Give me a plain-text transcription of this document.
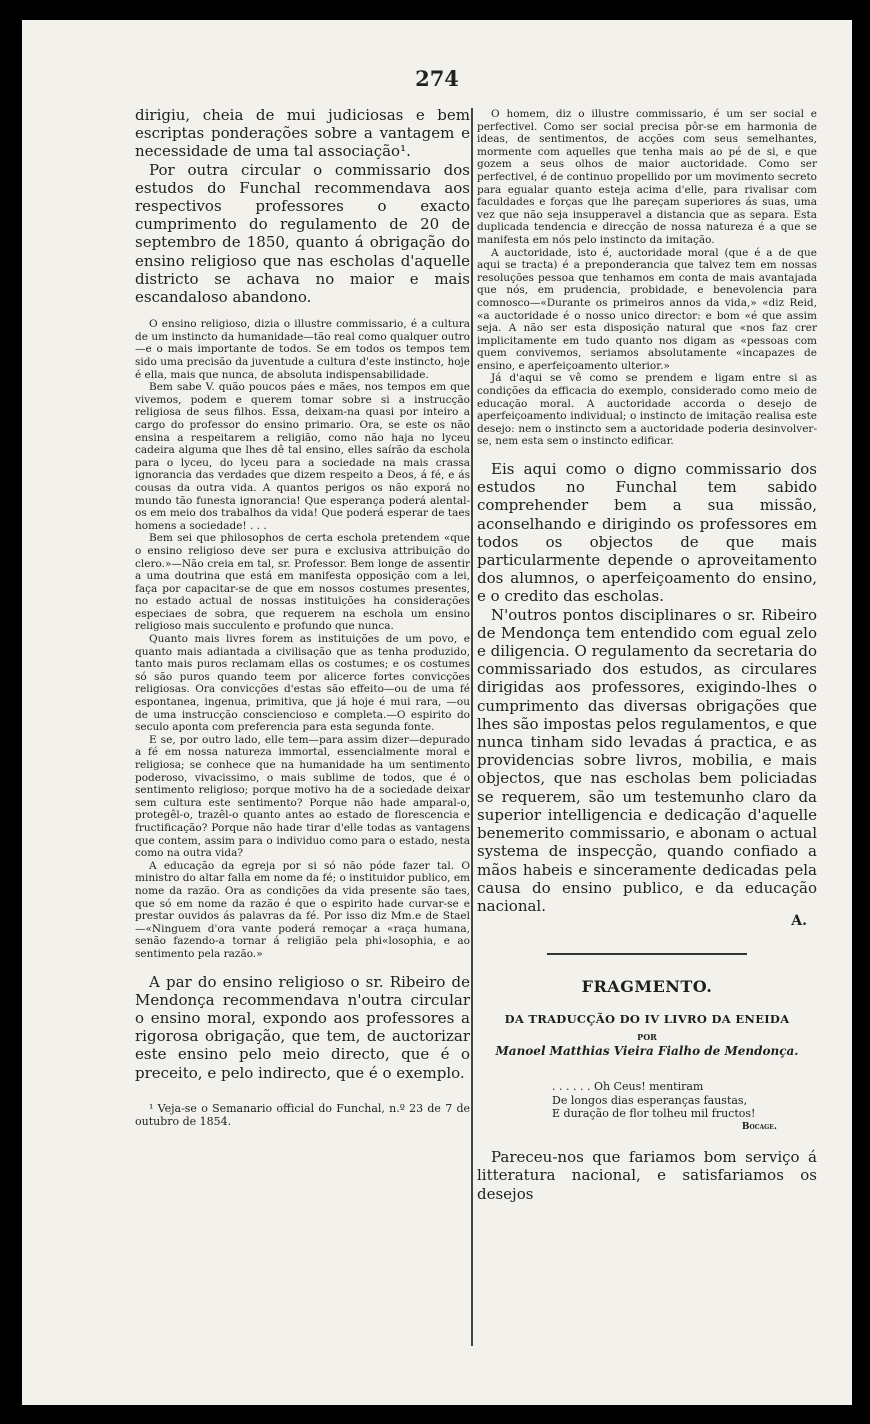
274

dirigiu, cheia de mui judiciosas e bem escriptas ponderações sobre a vantagem e necessidade de uma tal associação¹.

Por outra circular o commissario dos estudos do Funchal recommendava aos respectivos professores o exacto cumprimento do regulamento de 20 de septembro de 1850, quanto á obrigação do ensino religioso que nas escholas d'aquelle districto se achava no maior e mais escandaloso abandono.

O ensino religioso, dizia o illustre commissario, é a cultura de um instincto da humanidade—tão real como qualquer outro—e o mais importante de todos. Se em todos os tempos tem sido uma precisão da juventude a cultura d'este instincto, hoje é ella, mais que nunca, de absoluta indispensabilidade.

Bem sabe V. quão poucos páes e mães, nos tempos em que vivemos, podem e querem tomar sobre si a instrucção religiosa de seus filhos. Essa, deixam-na quasi por inteiro a cargo do professor do ensino primario. Ora, se este os não ensina a respeitarem a religião, como não haja no lyceu cadeira alguma que lhes dê tal ensino, elles saírão da eschola para o lyceu, do lyceu para a sociedade na mais crassa ignorancia das verdades que dizem respeito a Deos, á fé, e ás cousas da outra vida. A quantos perigos os não exporá no mundo tão funesta ignorancia! Que esperança poderá alental-os em meio dos trabalhos da vida! Que poderá esperar de taes homens a sociedade! . . .

Bem sei que philosophos de certa eschola pretendem «que o ensino religioso deve ser pura e exclusiva attribuição do clero.»—Não creia em tal, sr. Professor. Bem longe de assentir a uma doutrina que está em manifesta opposição com a lei, faça por capacitar-se de que em nossos costumes presentes, no estado actual de nossas instituições ha considerações especiaes de sobra, que requerem na eschola um ensino religioso mais succulento e profundo que nunca.

Quanto mais livres forem as instituições de um povo, e quanto mais adiantada a civilisação que as tenha produzido, tanto mais puros reclamam ellas os costumes; e os costumes só são puros quando teem por alicerce fortes convicções religiosas. Ora convicções d'estas são effeito—ou de uma fé espontanea, ingenua, primitiva, que já hoje é mui rara, —ou de uma instrucção consciencioso e completa.—O espirito do seculo aponta com preferencia para esta segunda fonte.

E se, por outro lado, elle tem—para assim dizer—depurado a fé em nossa natureza immortal, essencialmente moral e religiosa; se conhece que na humanidade ha um sentimento poderoso, vivacissimo, o mais sublime de todos, que é o sentimento religioso; porque motivo ha de a sociedade deixar sem cultura este sentimento? Porque não hade amparal-o, protegêl-o, trazêl-o quanto antes ao estado de florescencia e fructificação? Porque não hade tirar d'elle todas as vantagens que contem, assim para o individuo como para o estado, nesta como na outra vida?

A educação da egreja por si só não póde fazer tal. O ministro do altar falla em nome da fé; o instituidor publico, em nome da razão. Ora as condições da vida presente são taes, que só em nome da razão é que o espirito hade curvar-se e prestar ouvidos ás palavras da fé. Por isso diz Mm.e de Stael—«Ninguem d'ora vante poderá remoçar a «raça humana, senão fazendo-a tornar á religião pela phi«losophia, e ao sentimento pela razão.»

A par do ensino religioso o sr. Ribeiro de Mendonça recommendava n'outra circular o ensino moral, expondo aos professores a rigorosa obrigação, que tem, de auctorizar este ensino pelo meio directo, que é o preceito, e pelo indirecto, que é o exemplo.

¹ Veja-se o Semanario official do Funchal, n.º 23 de 7 de outubro de 1854.

O homem, diz o illustre commissario, é um ser social e perfectivel. Como ser social precisa pôr-se em harmonia de ideas, de sentimentos, de acções com seus semelhantes, mormente com aquelles que tenha mais ao pé de si, e que gozem a seus olhos de maior auctoridade. Como ser perfectivel, é de continuo propellido por um movimento secreto para egualar quanto esteja acima d'elle, para rivalisar com faculdades e forças que lhe pareçam superiores ás suas, uma vez que não seja insupperavel a distancia que as separa. Esta duplicada tendencia e direcção de nossa natureza é a que se manifesta em nós pelo instincto da imitação.

A auctoridade, isto é, auctoridade moral (que é a de que aqui se tracta) é a preponderancia que talvez tem em nossas resoluções pessoa que tenhamos em conta de mais avantajada que nós, em prudencia, probidade, e benevolencia para comnosco—«Durante os primeiros annos da vida,» «diz Reid, «a auctoridade é o nosso unico director: e bom «é que assim seja. A não ser esta disposição natural que «nos faz crer implicitamente em tudo quanto nos digam as «pessoas com quem convivemos, seriamos absolutamente «incapazes de ensino, e aperfeiçoamento ulterior.»

Já d'aqui se vê como se prendem e ligam entre si as condições da efficacia do exemplo, considerado como meio de educação moral. A auctoridade accorda o desejo de aperfeiçoamento individual; o instincto de imitação realisa este desejo: nem o instincto sem a auctoridade poderia desinvolver-se, nem esta sem o instincto edificar.

Eis aqui como o digno commissario dos estudos no Funchal tem sabido comprehender bem a sua missão, aconselhando e dirigindo os professores em todos os objectos de que mais particularmente depende o aproveitamento dos alumnos, o aperfeiçoamento do ensino, e o credito das escholas.

N'outros pontos disciplinares o sr. Ribeiro de Mendonça tem entendido com egual zelo e diligencia. O regulamento da secretaria do commissariado dos estudos, as circulares dirigidas aos professores, exigindo-lhes o cumprimento das diversas obrigações que lhes são impostas pelos regulamentos, e que nunca tinham sido levadas á practica, e as providencias sobre livros, mobilia, e mais objectos, que nas escholas bem policiadas se requerem, são um testemunho claro da superior intelligencia e dedicação d'aquelle benemerito commissario, e abonam o actual systema de inspecção, quando confiado a mãos habeis e sinceramente dedicadas pela causa do ensino publico, e da educação nacional.

A.
FRAGMENTO.
DA TRADUCÇÃO DO IV LIVRO DA ENEIDA
POR
Manoel Matthias Vieira Fialho de Mendonça.
. . . . . . Oh Ceus! mentiram
De longos dias esperanças faustas,
E duração de flor tolheu mil fructos!
Bocage.

Pareceu-nos que fariamos bom serviço á litteratura nacional, e satisfariamos os desejos
